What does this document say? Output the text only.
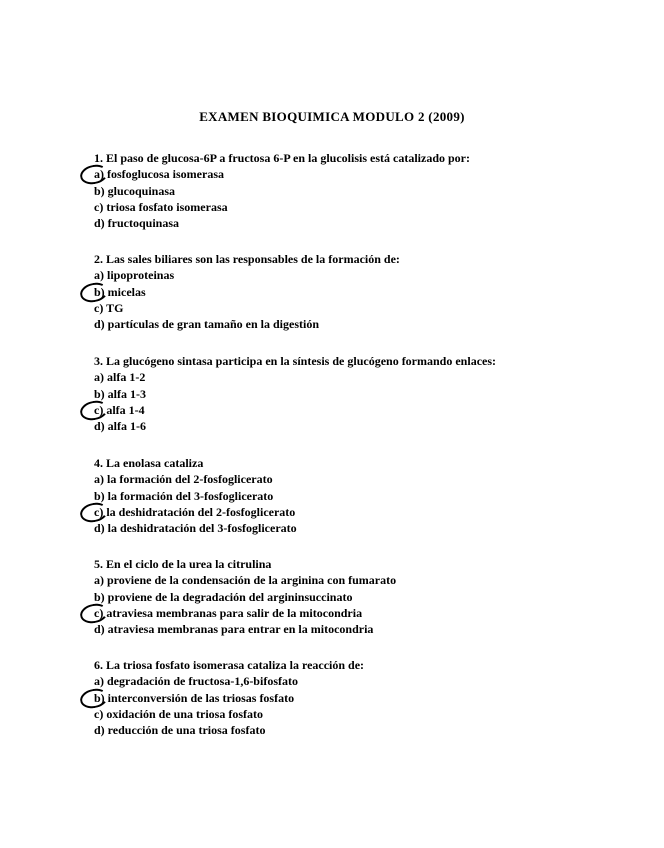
EXAMEN BIOQUIMICA MODULO 2 (2009)
1. El paso de glucosa-6P a fructosa 6-P en la glucolisis está catalizado por:
a) fosfoglucosa isomerasa
b) glucoquinasa
c) triosa fosfato isomerasa
d) fructoquinasa
2. Las sales biliares son las responsables de la formación de:
a) lipoproteinas
b) micelas
c) TG
d) partículas de gran tamaño en la digestión
3. La glucógeno sintasa participa en la síntesis de glucógeno formando enlaces:
a) alfa 1-2
b) alfa 1-3
c) alfa 1-4
d) alfa 1-6
4. La enolasa cataliza
a) la formación del 2-fosfoglicerato
b) la formación del 3-fosfoglicerato
c) la deshidratación del 2-fosfoglicerato
d) la deshidratación del 3-fosfoglicerato
5. En el ciclo de la urea la citrulina
a) proviene de la condensación de la arginina con fumarato
b) proviene de la degradación del argininsuccinato
c) atraviesa membranas para salir de la mitocondria
d) atraviesa membranas para entrar en la mitocondria
6. La triosa fosfato isomerasa cataliza la reacción de:
a) degradación de fructosa-1,6-bifosfato
b) interconversión de las triosas fosfato
c) oxidación de una triosa fosfato
d) reducción de una triosa fosfato
